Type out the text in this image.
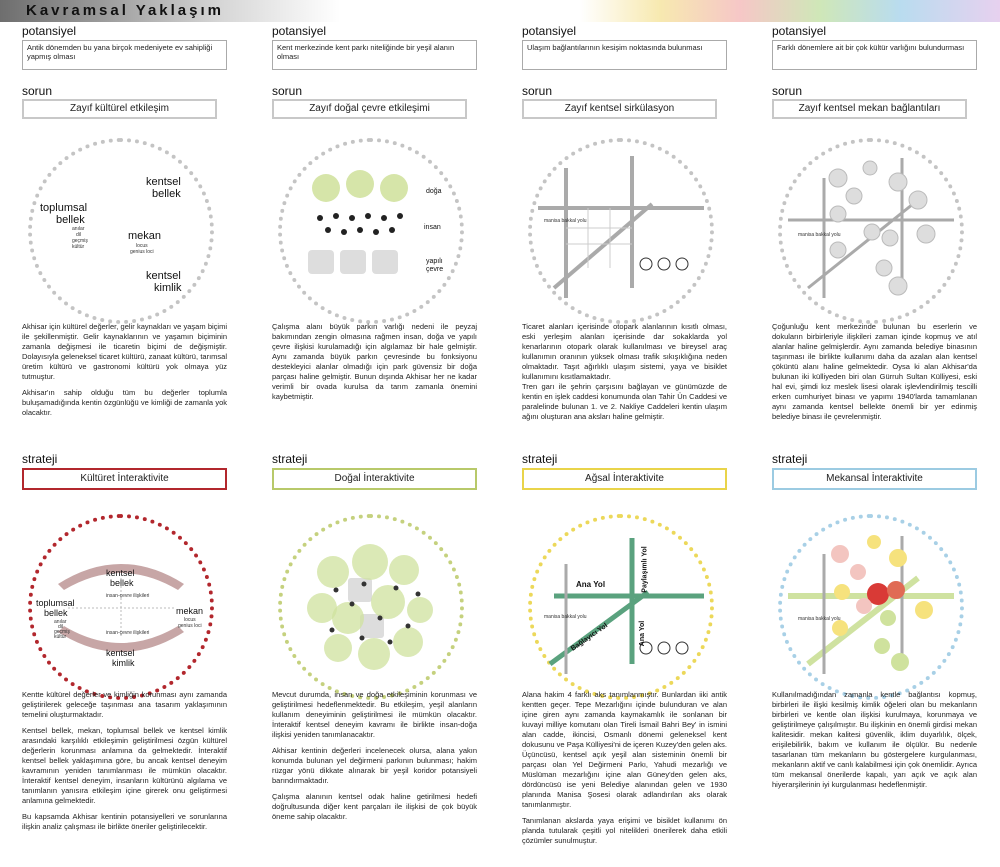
Kavramsal Yaklaşım
potansiyel
Antik dönemden bu yana birçok medeniyete ev sahipliği yapmış olması
sorun
Zayıf kültürel etkileşim
toplumsal
bellek
anılar
dil
geçmiş
kültür
kentsel
bellek
mekan
locus
genius loci
kentsel
kimlik

Akhisar için kültürel değerler, gelir kaynakları ve yaşam biçimi ile şekillenmiştir. Gelir kaynaklarının ve yaşamın biçiminin zamanla değişmesi ile ticaretin biçimi de değişmiştir. Dolayısıyla geleneksel ticaret kültürü, zanaat kültürü, tarımsal üretim kültürü ve gastronomi kültürü yok olmaya yüz tutmuştur.

Akhisar'ın sahip olduğu tüm bu değerler toplumla buluşamadığında kentin özgünlüğü ve kimliği de zamanla yok olacaktır.

strateji
Kültüret İnteraktivite
kentsel
bellek
insan-çevre ilişkileri
toplumsal
bellek
anılar
dil
geçmiş
kültür
mekan
locus
genius loci
insan-çevre ilişkileri
kentsel
kimlik

Kentte kültürel değerler ve kimliğin korunması aynı zamanda geliştirilerek geleceğe taşınması ana tasarım yaklaşımının temelini oluşturmaktadır.

Kentsel bellek, mekan, toplumsal bellek ve kentsel kimlik arasındaki karşılıklı etkileşimin geliştirilmesi özgün kültürel değerlerin korunması anlamına da gelmektedir. İnteraktif kentsel bellek yaklaşımına göre, bu ancak kentsel deneyim kavramının yeniden tanımlanması ile mümkün olacaktır. İnteraktif kentsel deneyim, insanların kültürünü algılama ve tanımlanın yanısıra etkileşim içine girerek onu geliştirmesi anlamına gelmektedir.

Bu kapsamda Akhisar kentinin potansiyelleri ve sorunlarına ilişkin analiz çalışması ile birlikte öneriler geliştirilecektir.

potansiyel
Kent merkezinde kent parkı niteliğinde bir yeşil alanın olması
sorun
Zayıf doğal çevre etkileşimi
doğa
insan
yapılı
çevre

Çalışma alanı büyük parkın varlığı nedeni ile peyzaj bakımından zengin olmasına rağmen insan, doğa ve yapılı çevre ilişkisi kurulamadığı için algılamaz bir hale gelmiştir. Aynı zamanda büyük parkın çevresinde bu fonksiyonu destekleyici alanlar olmadığı için park güvensiz bir doğa parçası haline gelmiştir. Bunun dışında Akhisar her ne kadar verimli bir ovada kurulsa da tarım zamanla önemini kaybetmiştir.

strateji
Doğal İnteraktivite

Mevcut durumda, insan ve doğa etkileşiminin korunması ve geliştirilmesi hedeflenmektedir. Bu etkileşim, yeşil alanların kullanım deneyiminin geliştirilmesi ile mümkün olacaktır. İnteraktif kentsel deneyim kavramı ile birlikte insan-doğa ilişkisi yeniden tanımlanacaktır.

Akhisar kentinin değerleri incelenecek olursa, alana yakın konumda bulunan yel değirmeni parkının bulunması; hakim rüzgar yönü dikkate alınarak bir yeşil koridor potansiyeli barındırmaktadır.

Çalışma alanının kentsel odak haline getirilmesi hedefi doğrultusunda diğer kent parçaları ile ilişkisi de çok büyük öneme sahip olacaktır.

potansiyel
Ulaşım bağlantılarının kesişim noktasında bulunması
sorun
Zayıf kentsel sirkülasyon
manisa bakkal yolu

Ticaret alanları içerisinde otopark alanlarının kısıtlı olması, eski yerleşim alanları içerisinde dar sokaklarda yol kenarlarının otopark olarak kullanılması ve bireysel araç kullanımın oranının yüksek olması trafik sıkışıklığına neden olmaktadır. Taşıt ağırlıklı ulaşım sistemi, yaya ve bisiklet kullanımını kısıtlamaktadır.

Tren garı ile şehrin çarşısını bağlayan ve günümüzde de kentin en işlek caddesi konumunda olan Tahir Ün Caddesi ve paralelinde bulunan 1. ve 2. Nakliye Caddeleri kentin ulaşım ağını oluşturan ana aksları haline gelmiştir.

strateji
Ağsal İnteraktivite
Ana Yol
Bağlayıcı Yol
Paylaşımlı Yol
Ana Yol
manisa bakkal yolu

Alana hakim 4 farklı aks tanımlanmıştır. Bunlardan iiki antik kentten geçer. Tepe Mezarlığını içinde bulunduran ve alan içine giren aynı zamanda kaymakamlık ile sonlanan bir kuvayi milliye komutanı olan Tireli İsmail Bahri Bey' in ismini alan cadde, ikincisi, Osmanlı dönemi geleneksel kent dokusunu ve Paşa Külliyesi'ni de içeren Kuzey'den gelen aks. Üçüncüsü, kentsel açık yeşil alan sisteminin önemli bir parçası olan Yel Değirmeni Parkı, Yahudi mezarlığı ve Müslüman mezarlığını içine alan Güney'den gelen aks, dördüncüsü ise yeni Belediye alanından gelen ve 1930 planında Manisa Şosesi olarak adlandırılan aks olarak tanımlanmıştır.

Tanımlanan akslarda yaya erişimi ve bisiklet kullanımı ön planda tutularak çeşitli yol nitelikleri önerilerek daha etkili çözümler sunulmuştur.

potansiyel
Farklı dönemlere ait bir çok kültür varlığını bulundurması
sorun
Zayıf kentsel mekan bağlantıları
manisa bakkal yolu

Çoğunluğu kent merkezinde bulunan bu eserlerin ve dokuların birbirleriyle ilişkileri zaman içinde kopmuş ve atıl alanlar haline gelmişlerdir. Aynı zamanda belediye binasının taşınması ile birlikte kullanımı daha da azalan alan kentsel çöküntü alanı haline gelmektedir. Oysa ki alan Akhisar'da bulunan iki külliyeden biri olan Gürruh Sultan Külliyesi, eski hal evi, şimdi kız meslek lisesi olarak işlevlendirilmiş tescilli erken cumhuriyet binası ve yapımı 1940'larda tamamlanan aynı zamanda kentsel bellekte önemli bir yer edinmiş belediye binası ile çevrelenmiştir.

strateji
Mekansal İnteraktivite
manisa bakkal yolu

Kullanılmadığından zamanla kentle bağlantısı kopmuş, birbirleri ile ilişki kesilmiş kimlik öğeleri olan bu mekanların birbirleri ve kentle olan ilişkisi kurulmaya, korunmaya ve geliştirilmeye çalışılmıştır. Bu ilişkinin en önemli girdisi mekan kalitesidir. mekan kalitesi güvenlik, iklim duyarlılık, ölçek, erişilebilirlik, bakım ve kullanım ile ölçülür. Bu nedenle tasarlanan tüm mekanların bu göstergelere kurgulanması, mekanların aktif ve canlı kalabilmesi için çok önemlidir. Ayrıca tüm mekansal önerilerde kapalı, yarı açık ve açık alan hiyerarşilerinin iyi kurgulanması hedeflenmiştir.
